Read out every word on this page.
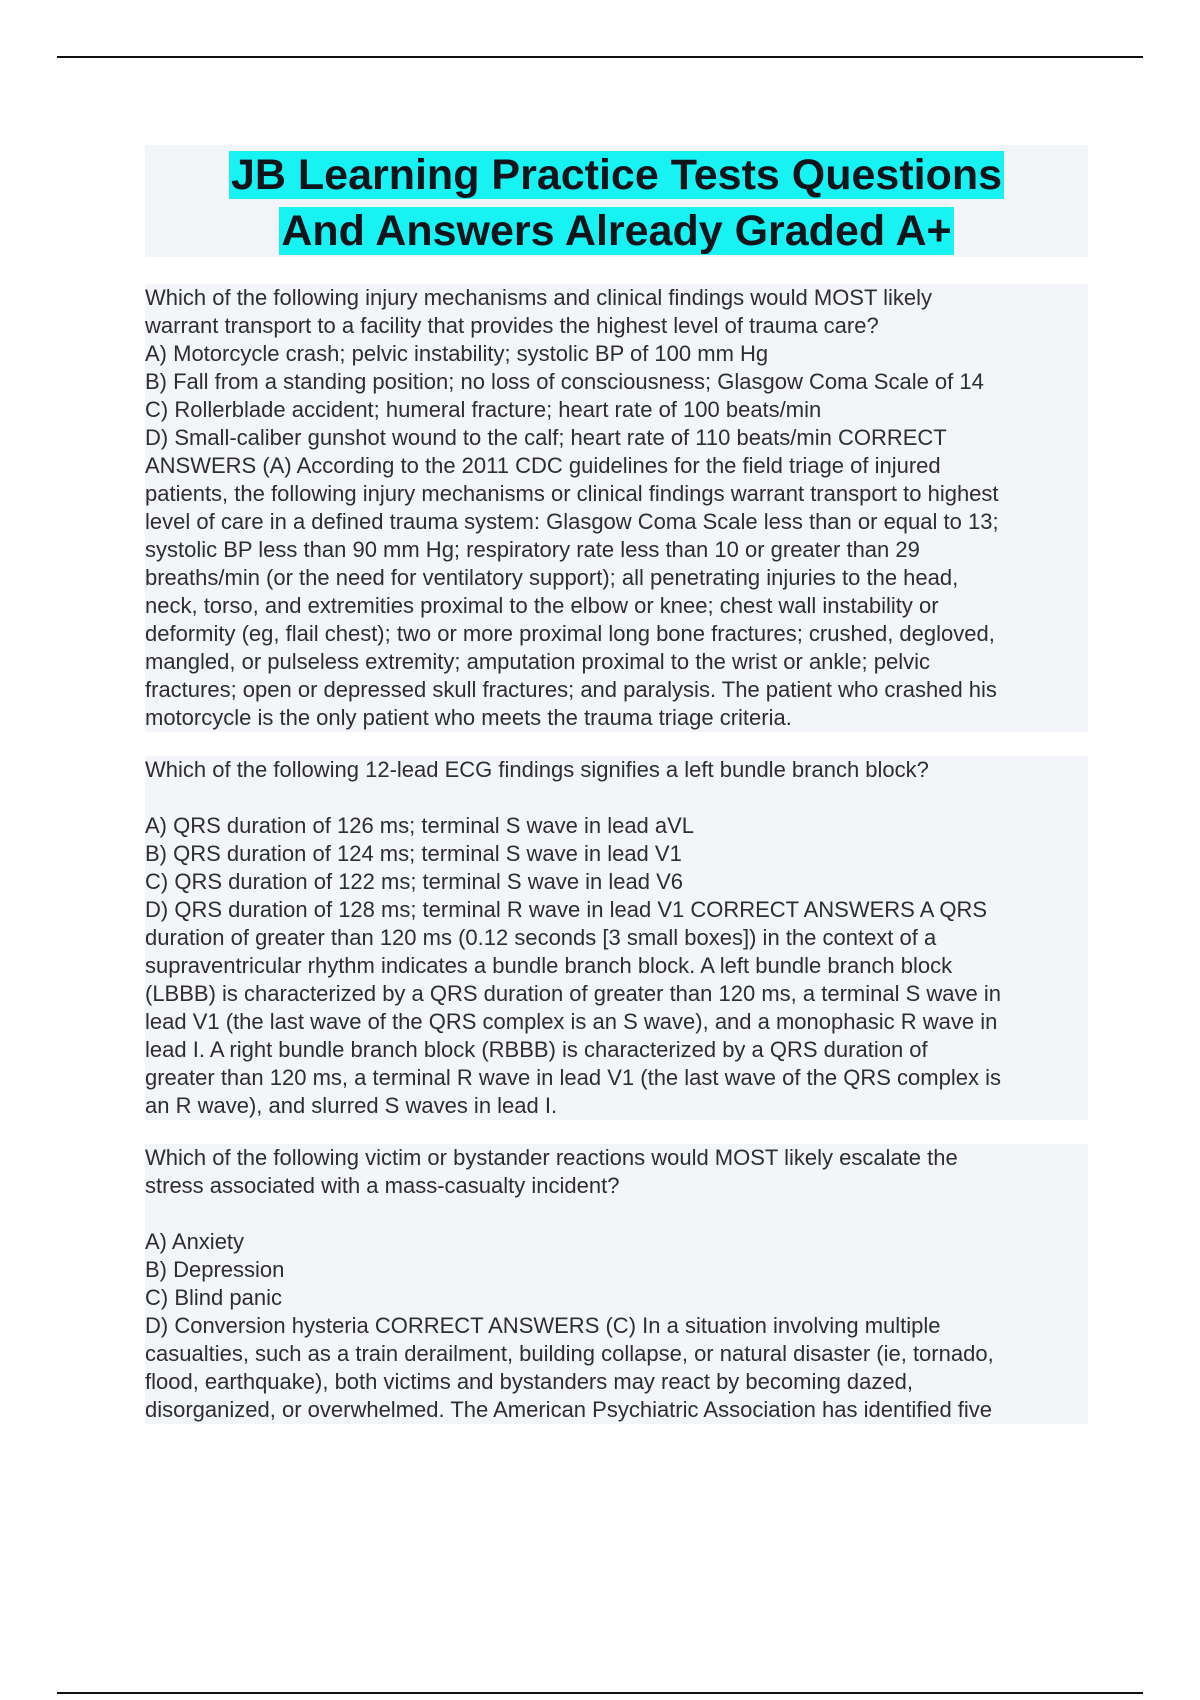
JB Learning Practice Tests Questions
And Answers Already Graded A+

Which of the following injury mechanisms and clinical findings would MOST likely
warrant transport to a facility that provides the highest level of trauma care?
A) Motorcycle crash; pelvic instability; systolic BP of 100 mm Hg
B) Fall from a standing position; no loss of consciousness; Glasgow Coma Scale of 14
C) Rollerblade accident; humeral fracture; heart rate of 100 beats/min
D) Small-caliber gunshot wound to the calf; heart rate of 110 beats/min CORRECT
ANSWERS (A) According to the 2011 CDC guidelines for the field triage of injured
patients, the following injury mechanisms or clinical findings warrant transport to highest
level of care in a defined trauma system: Glasgow Coma Scale less than or equal to 13;
systolic BP less than 90 mm Hg; respiratory rate less than 10 or greater than 29
breaths/min (or the need for ventilatory support); all penetrating injuries to the head,
neck, torso, and extremities proximal to the elbow or knee; chest wall instability or
deformity (eg, flail chest); two or more proximal long bone fractures; crushed, degloved,
mangled, or pulseless extremity; amputation proximal to the wrist or ankle; pelvic
fractures; open or depressed skull fractures; and paralysis. The patient who crashed his
motorcycle is the only patient who meets the trauma triage criteria.

Which of the following 12-lead ECG findings signifies a left bundle branch block?

A) QRS duration of 126 ms; terminal S wave in lead aVL
B) QRS duration of 124 ms; terminal S wave in lead V1
C) QRS duration of 122 ms; terminal S wave in lead V6
D) QRS duration of 128 ms; terminal R wave in lead V1 CORRECT ANSWERS A QRS
duration of greater than 120 ms (0.12 seconds [3 small boxes]) in the context of a
supraventricular rhythm indicates a bundle branch block. A left bundle branch block
(LBBB) is characterized by a QRS duration of greater than 120 ms, a terminal S wave in
lead V1 (the last wave of the QRS complex is an S wave), and a monophasic R wave in
lead I. A right bundle branch block (RBBB) is characterized by a QRS duration of
greater than 120 ms, a terminal R wave in lead V1 (the last wave of the QRS complex is
an R wave), and slurred S waves in lead I.

Which of the following victim or bystander reactions would MOST likely escalate the
stress associated with a mass-casualty incident?

A) Anxiety
B) Depression
C) Blind panic
D) Conversion hysteria CORRECT ANSWERS (C) In a situation involving multiple
casualties, such as a train derailment, building collapse, or natural disaster (ie, tornado,
flood, earthquake), both victims and bystanders may react by becoming dazed,
disorganized, or overwhelmed. The American Psychiatric Association has identified five
